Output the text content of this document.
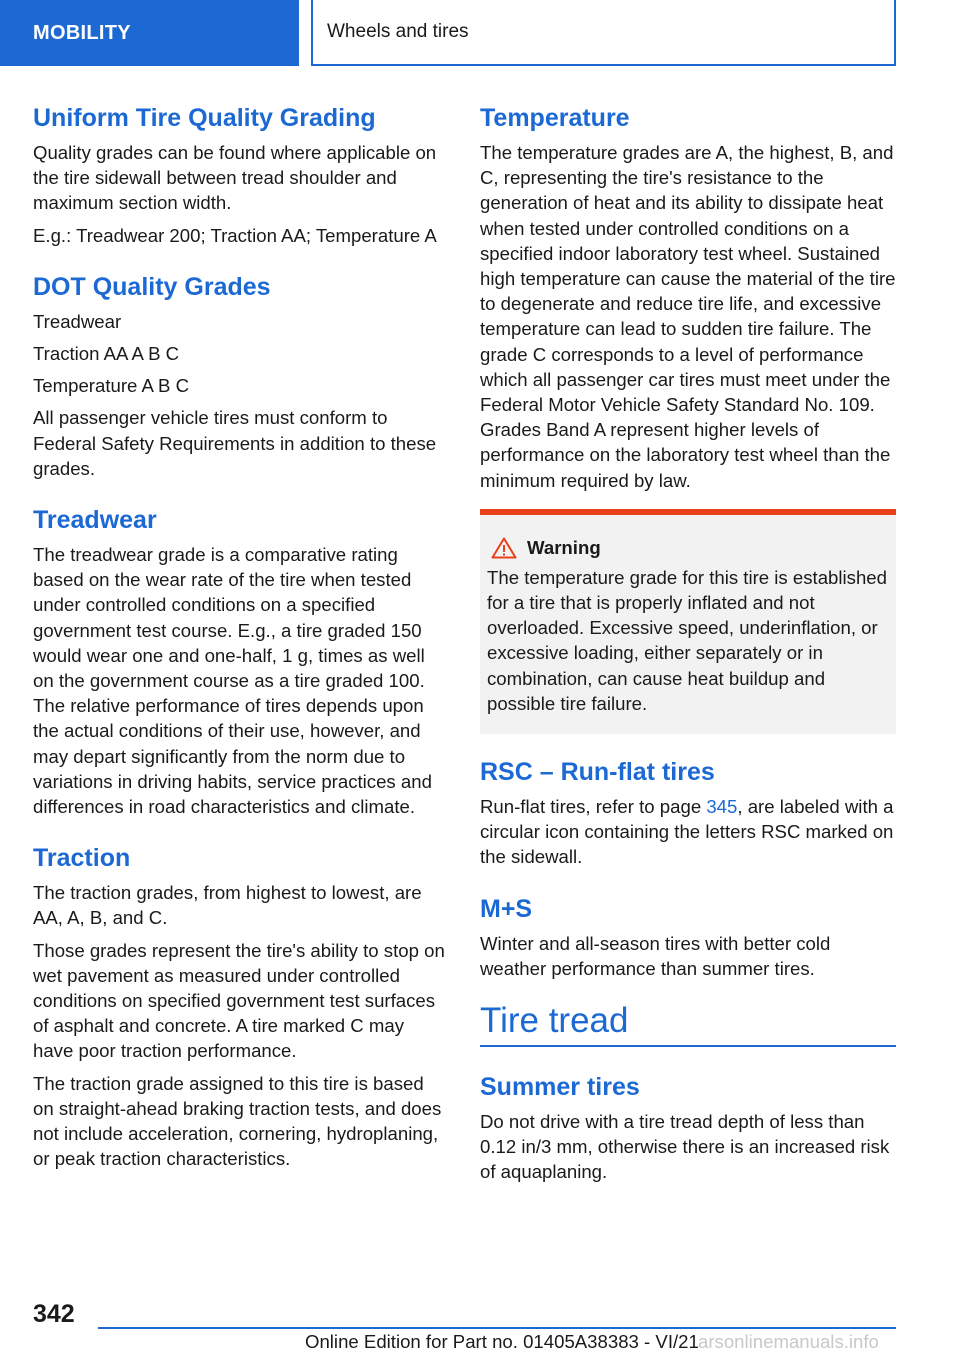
MOBILITY	Wheels and tires
Uniform Tire Quality Grading

Quality grades can be found where applicable on the tire sidewall between tread shoulder and maximum section width.

E.g.: Treadwear 200; Traction AA; Temperature A

DOT Quality Grades

Treadwear

Traction AA A B C

Temperature A B C

All passenger vehicle tires must conform to Federal Safety Requirements in addition to these grades.

Treadwear

The treadwear grade is a comparative rating based on the wear rate of the tire when tested under controlled conditions on a specified government test course. E.g., a tire graded 150 would wear one and one-half, 1 g, times as well on the government course as a tire graded 100. The relative performance of tires depends upon the actual conditions of their use, however, and may depart significantly from the norm due to variations in driving habits, service practices and differences in road characteristics and climate.

Traction

The traction grades, from highest to lowest, are AA, A, B, and C.

Those grades represent the tire's ability to stop on wet pavement as measured under controlled conditions on specified government test surfaces of asphalt and concrete. A tire marked C may have poor traction performance.

The traction grade assigned to this tire is based on straight-ahead braking traction tests, and does not include acceleration, cornering, hydroplaning, or peak traction characteristics.

Temperature

The temperature grades are A, the highest, B, and C, representing the tire's resistance to the generation of heat and its ability to dissipate heat when tested under controlled conditions on a specified indoor laboratory test wheel. Sustained high temperature can cause the material of the tire to degenerate and reduce tire life, and excessive temperature can lead to sudden tire failure. The grade C corresponds to a level of performance which all passenger car tires must meet under the Federal Motor Vehicle Safety Standard No. 109. Grades Band A represent higher levels of performance on the laboratory test wheel than the minimum required by law.

Warning

The temperature grade for this tire is established for a tire that is properly inflated and not overloaded. Excessive speed, underinflation, or excessive loading, either separately or in combination, can cause heat buildup and possible tire failure.

RSC – Run-flat tires

Run-flat tires, refer to page 345, are labeled with a circular icon containing the letters RSC marked on the sidewall.

M+S

Winter and all-season tires with better cold weather performance than summer tires.

Tire tread
Summer tires

Do not drive with a tire tread depth of less than 0.12 in/3 mm, otherwise there is an increased risk of aquaplaning.

342
Online Edition for Part no. 01405A38383 - VI/21 arsonlinemanuals.info
